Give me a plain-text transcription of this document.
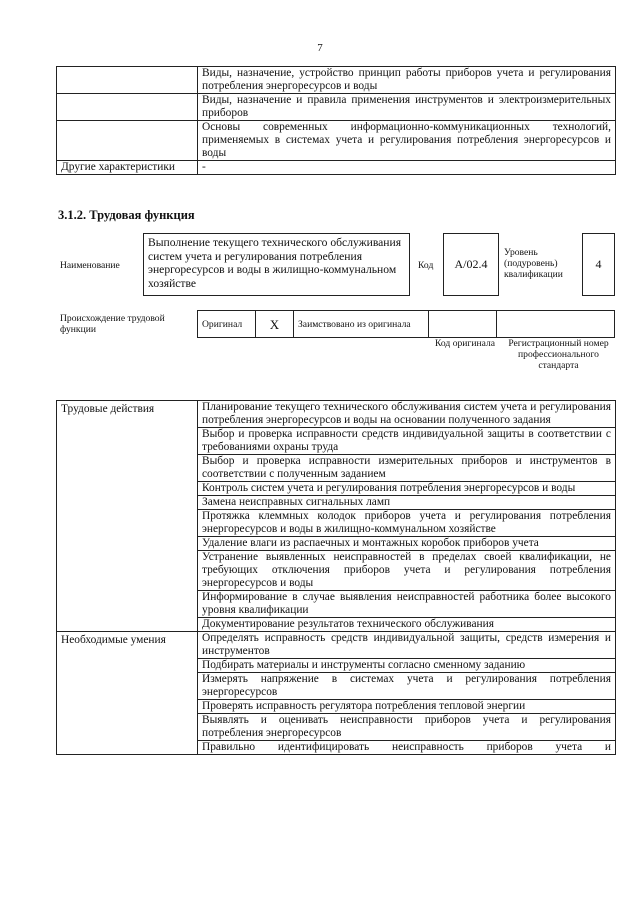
7
	Виды, назначение, устройство принцип работы приборов учета и регулирования потребления энергоресурсов и воды
	Виды, назначение и правила применения инструментов и электроизмерительных приборов
	Основы современных информационно-коммуникационных технологий, применяемых в системах учета и регулирования потребления энергоресурсов и воды
Другие характеристики	-
3.1.2. Трудовая функция
Наименование
Выполнение текущего технического обслуживания систем учета и регулирования потребления энергоресурсов и воды в жилищно-коммунальном хозяйстве
Код	A/02.4
Уровень (подуровень) квалификации
4
Происхождение трудовой функции	Оригинал	X	Заимствовано из оригинала		
Код оригинала	Регистрационный номер профессионального стандарта
Трудовые действия	Планирование текущего технического обслуживания систем учета и регулирования потребления энергоресурсов и воды на основании полученного задания
	Выбор и проверка исправности средств индивидуальной защиты в соответствии с требованиями охраны труда
	Выбор и проверка исправности измерительных приборов и инструментов в соответствии с полученным заданием
	Контроль систем учета и регулирования потребления энергоресурсов и воды
	Замена неисправных сигнальных ламп
	Протяжка клеммных колодок приборов учета и регулирования потребления энергоресурсов и воды в жилищно-коммунальном хозяйстве
	Удаление влаги из распаечных и монтажных коробок приборов учета
	Устранение выявленных неисправностей в пределах своей квалификации, не требующих отключения приборов учета и регулирования потребления энергоресурсов и воды
	Информирование в случае выявления неисправностей работника более высокого уровня квалификации
	Документирование результатов технического обслуживания
Необходимые умения	Определять исправность средств индивидуальной защиты, средств измерения и инструментов
	Подбирать материалы и инструменты согласно сменному заданию
	Измерять напряжение в системах учета и регулирования потребления энергоресурсов
	Проверять исправность регулятора потребления тепловой энергии
	Выявлять и оценивать неисправности приборов учета и регулирования потребления энергоресурсов
	Правильно идентифицировать неисправность приборов учета и
